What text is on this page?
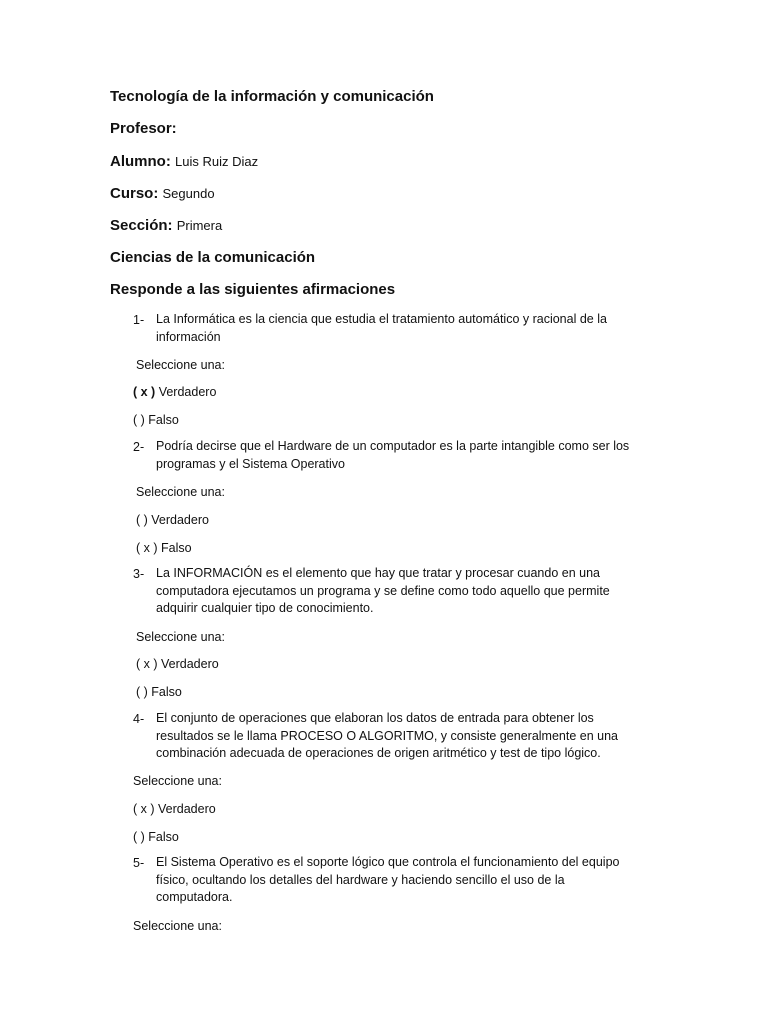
Tecnología de la información y comunicación
Profesor:
Alumno: Luis Ruiz Diaz
Curso: Segundo
Sección: Primera
Ciencias de la comunicación
Responde a las siguientes afirmaciones
1- La Informática es la ciencia que estudia el tratamiento automático y racional de la
información
Seleccione una:
( x ) Verdadero
( ) Falso
2- Podría decirse que el Hardware de un computador es la parte intangible como ser los
programas y el Sistema Operativo
Seleccione una:
( ) Verdadero
( x ) Falso
3- La INFORMACIÓN es el elemento que hay que tratar y procesar cuando en una
computadora ejecutamos un programa y se define como todo aquello que permite
adquirir cualquier tipo de conocimiento.
Seleccione una:
( x ) Verdadero
( ) Falso
4- El conjunto de operaciones que elaboran los datos de entrada para obtener los
resultados se le llama PROCESO O ALGORITMO, y consiste generalmente en una
combinación adecuada de operaciones de origen aritmético y test de tipo lógico.
Seleccione una:
( x ) Verdadero
( ) Falso
5- El Sistema Operativo es el soporte lógico que controla el funcionamiento del equipo
físico, ocultando los detalles del hardware y haciendo sencillo el uso de la
computadora.
Seleccione una:
